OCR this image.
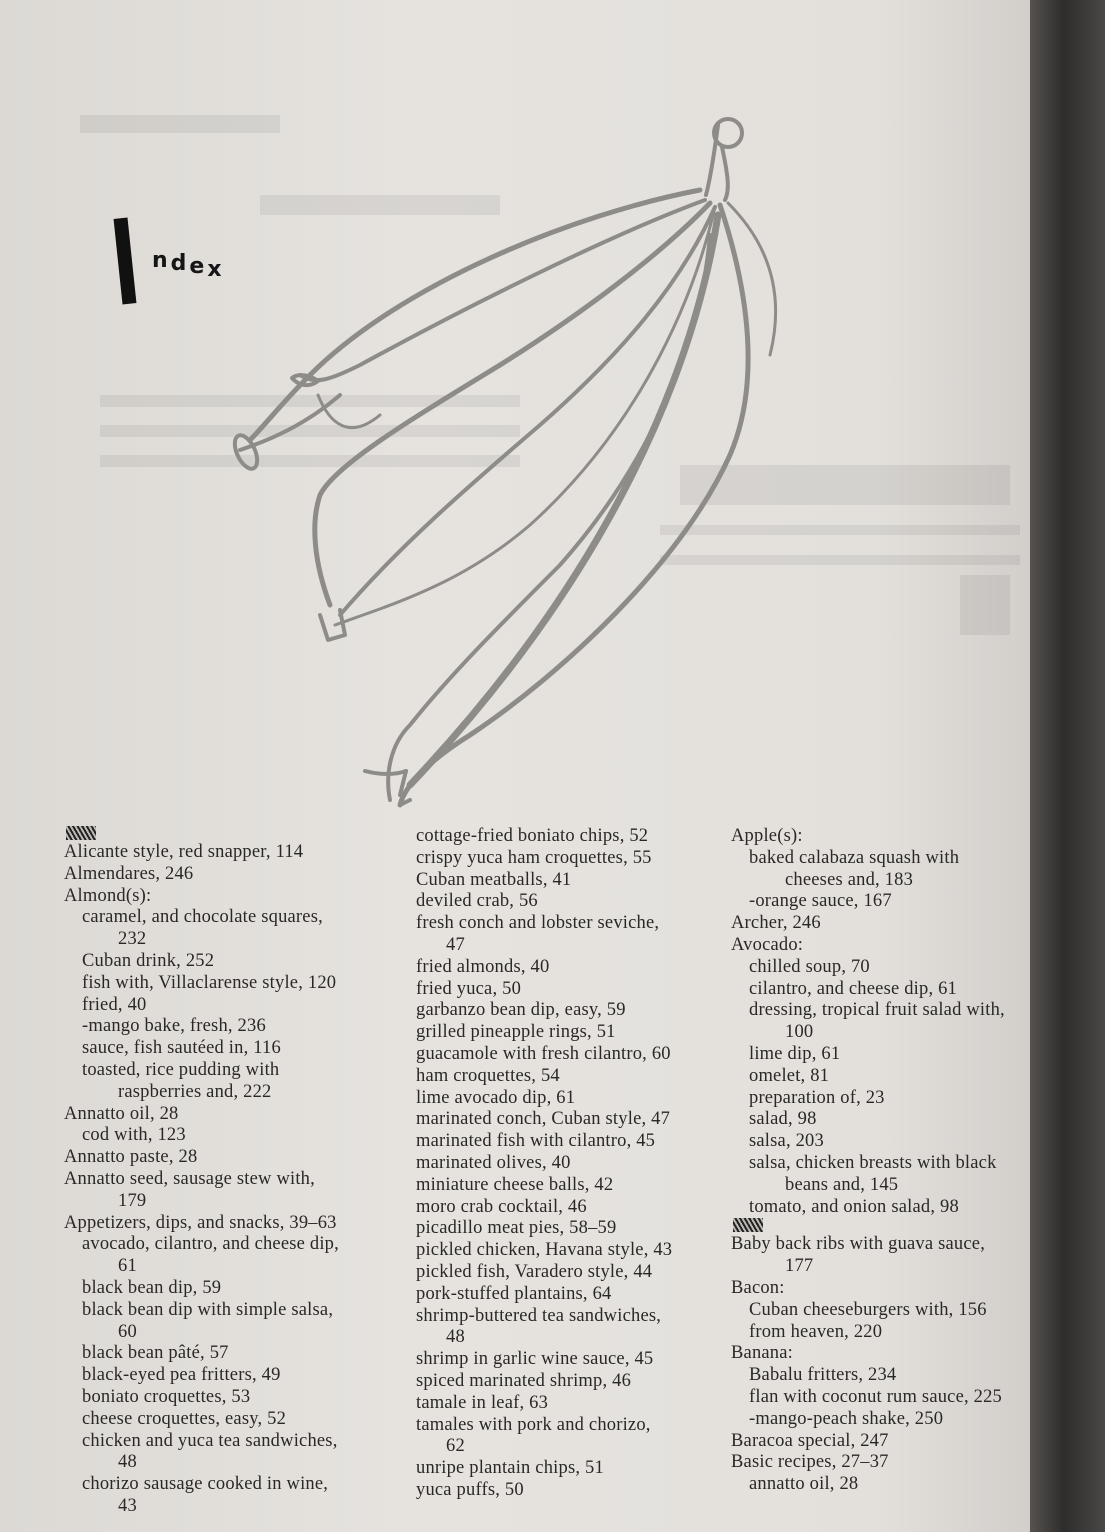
ndex
Alicante style, red snapper, 114
Almendares, 246
Almond(s):
caramel, and chocolate squares,
232
Cuban drink, 252
fish with, Villaclarense style, 120
fried, 40
-mango bake, fresh, 236
sauce, fish sautéed in, 116
toasted, rice pudding with
raspberries and, 222
Annatto oil, 28
cod with, 123
Annatto paste, 28
Annatto seed, sausage stew with,
179
Appetizers, dips, and snacks, 39–63
avocado, cilantro, and cheese dip,
61
black bean dip, 59
black bean dip with simple salsa,
60
black bean pâté, 57
black-eyed pea fritters, 49
boniato croquettes, 53
cheese croquettes, easy, 52
chicken and yuca tea sandwiches,
48
chorizo sausage cooked in wine,
43
cottage-fried boniato chips, 52
crispy yuca ham croquettes, 55
Cuban meatballs, 41
deviled crab, 56
fresh conch and lobster seviche,
47
fried almonds, 40
fried yuca, 50
garbanzo bean dip, easy, 59
grilled pineapple rings, 51
guacamole with fresh cilantro, 60
ham croquettes, 54
lime avocado dip, 61
marinated conch, Cuban style, 47
marinated fish with cilantro, 45
marinated olives, 40
miniature cheese balls, 42
moro crab cocktail, 46
picadillo meat pies, 58–59
pickled chicken, Havana style, 43
pickled fish, Varadero style, 44
pork-stuffed plantains, 64
shrimp-buttered tea sandwiches,
48
shrimp in garlic wine sauce, 45
spiced marinated shrimp, 46
tamale in leaf, 63
tamales with pork and chorizo,
62
unripe plantain chips, 51
yuca puffs, 50
Apple(s):
baked calabaza squash with
cheeses and, 183
-orange sauce, 167
Archer, 246
Avocado:
chilled soup, 70
cilantro, and cheese dip, 61
dressing, tropical fruit salad with,
100
lime dip, 61
omelet, 81
preparation of, 23
salad, 98
salsa, 203
salsa, chicken breasts with black
beans and, 145
tomato, and onion salad, 98
Baby back ribs with guava sauce,
177
Bacon:
Cuban cheeseburgers with, 156
from heaven, 220
Banana:
Babalu fritters, 234
flan with coconut rum sauce, 225
-mango-peach shake, 250
Baracoa special, 247
Basic recipes, 27–37
annatto oil, 28
